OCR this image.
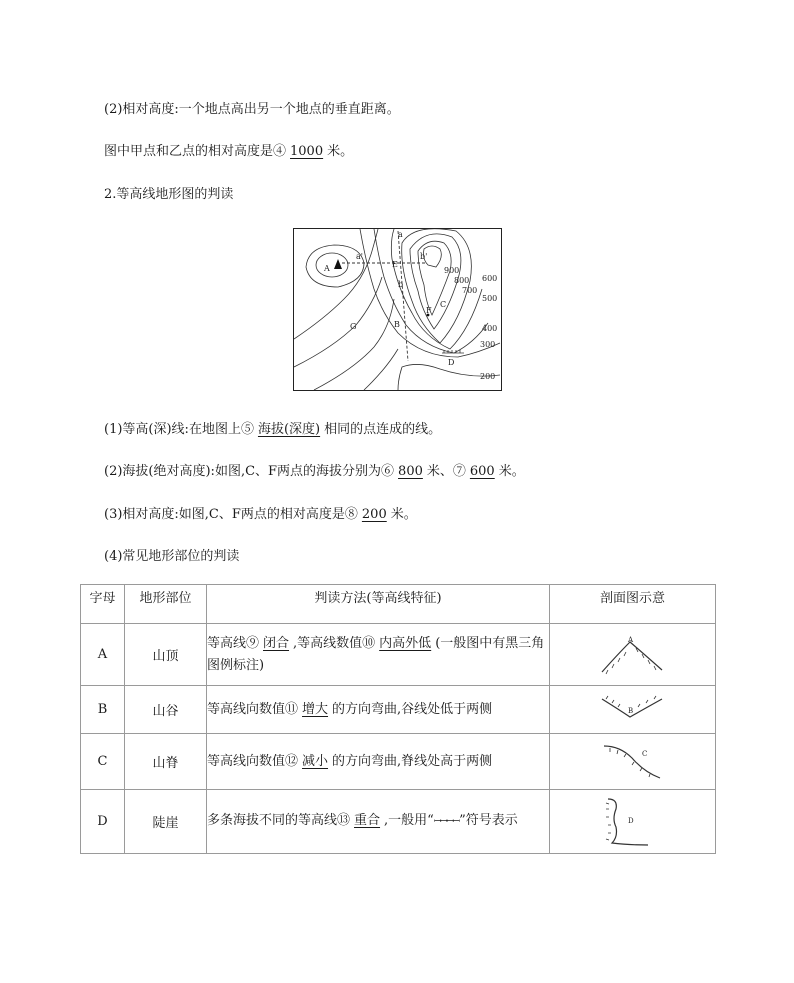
(2)相对高度:一个地点高出另一个地点的垂直距离。
图中甲点和乙点的相对高度是④ 1000 米。
2.等高线地形图的判读
A
a'
E
a
b'
b
C
F
G	B
D
900
800
700
600
500
400
300
200
(1)等高(深)线:在地图上⑤ 海拔(深度) 相同的点连成的线。
(2)海拔(绝对高度):如图,C、F两点的海拔分别为⑥ 800 米、⑦ 600 米。
(3)相对高度:如图,C、F两点的相对高度是⑧ 200 米。
(4)常见地形部位的判读
字母	地形部位	判读方法(等高线特征)	剖面图示意
A	山顶	等高线⑨ 闭合 ,等高线数值⑩ 内高外低 (一般图中有黑三角图例标注)	A

B	山谷	等高线向数值⑪ 增大 的方向弯曲,谷线处低于两侧	B

C	山脊	等高线向数值⑫ 减小 的方向弯曲,脊线处高于两侧	C

D	陡崖	多条海拔不同的等高线⑬ 重合 ,一般用“ꟷꟷꟷꟷ”符号表示	D
